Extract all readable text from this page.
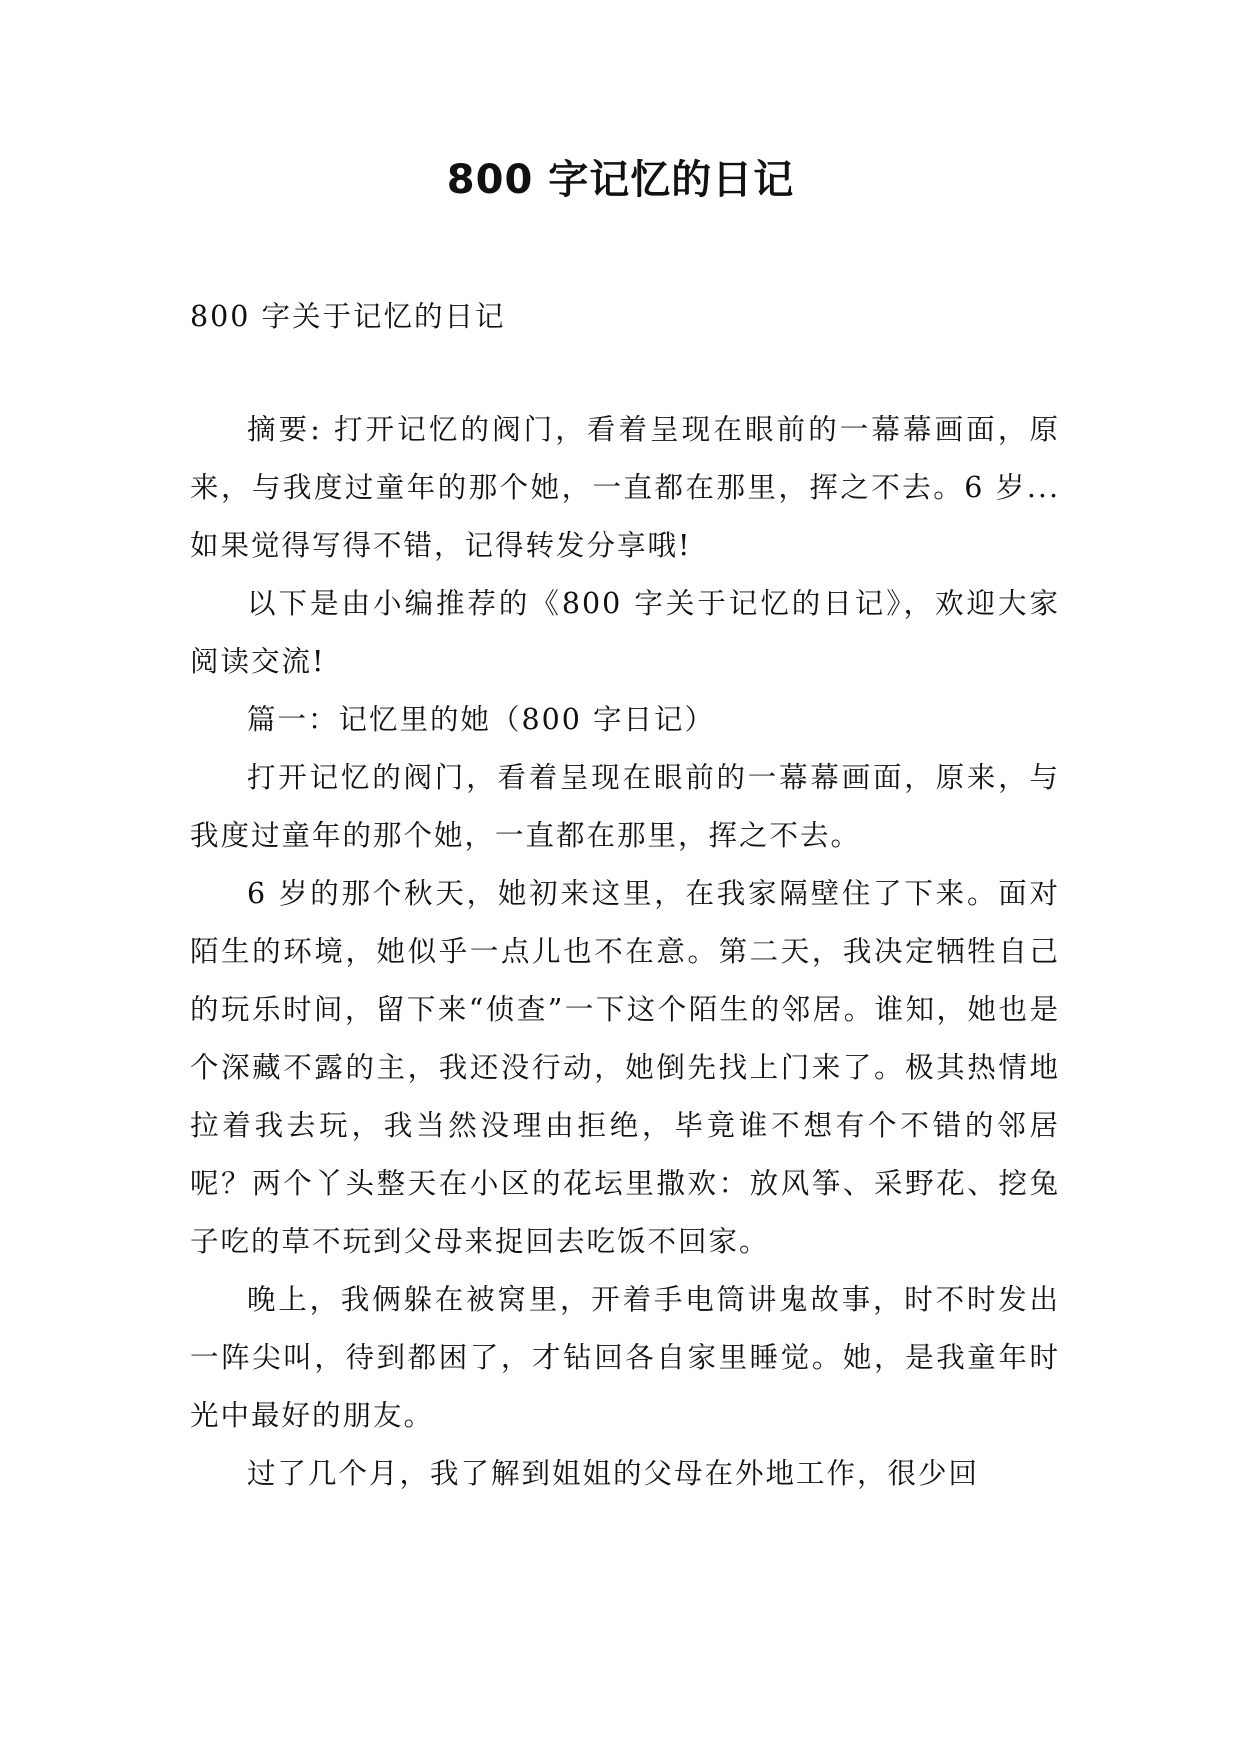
800 字记忆的日记

800 字关于记忆的日记

摘要: 打开记忆的阀门，看着呈现在眼前的一幕幕画面，原来，与我度过童年的那个她，一直都在那里，挥之不去。6 岁... 如果觉得写得不错，记得转发分享哦!

以下是由小编推荐的《800 字关于记忆的日记》，欢迎大家阅读交流!

篇一：记忆里的她（800 字日记）

打开记忆的阀门，看着呈现在眼前的一幕幕画面，原来，与我度过童年的那个她，一直都在那里，挥之不去。

6 岁的那个秋天，她初来这里，在我家隔壁住了下来。面对陌生的环境，她似乎一点儿也不在意。第二天，我决定牺牲自己的玩乐时间，留下来“侦查”一下这个陌生的邻居。谁知，她也是个深藏不露的主，我还没行动，她倒先找上门来了。极其热情地拉着我去玩，我当然没理由拒绝，毕竟谁不想有个不错的邻居呢？两个丫头整天在小区的花坛里撒欢：放风筝、采野花、挖兔子吃的草不玩到父母来捉回去吃饭不回家。

晚上，我俩躲在被窝里，开着手电筒讲鬼故事，时不时发出一阵尖叫，待到都困了，才钻回各自家里睡觉。她，是我童年时光中最好的朋友。

过了几个月，我了解到姐姐的父母在外地工作，很少回
